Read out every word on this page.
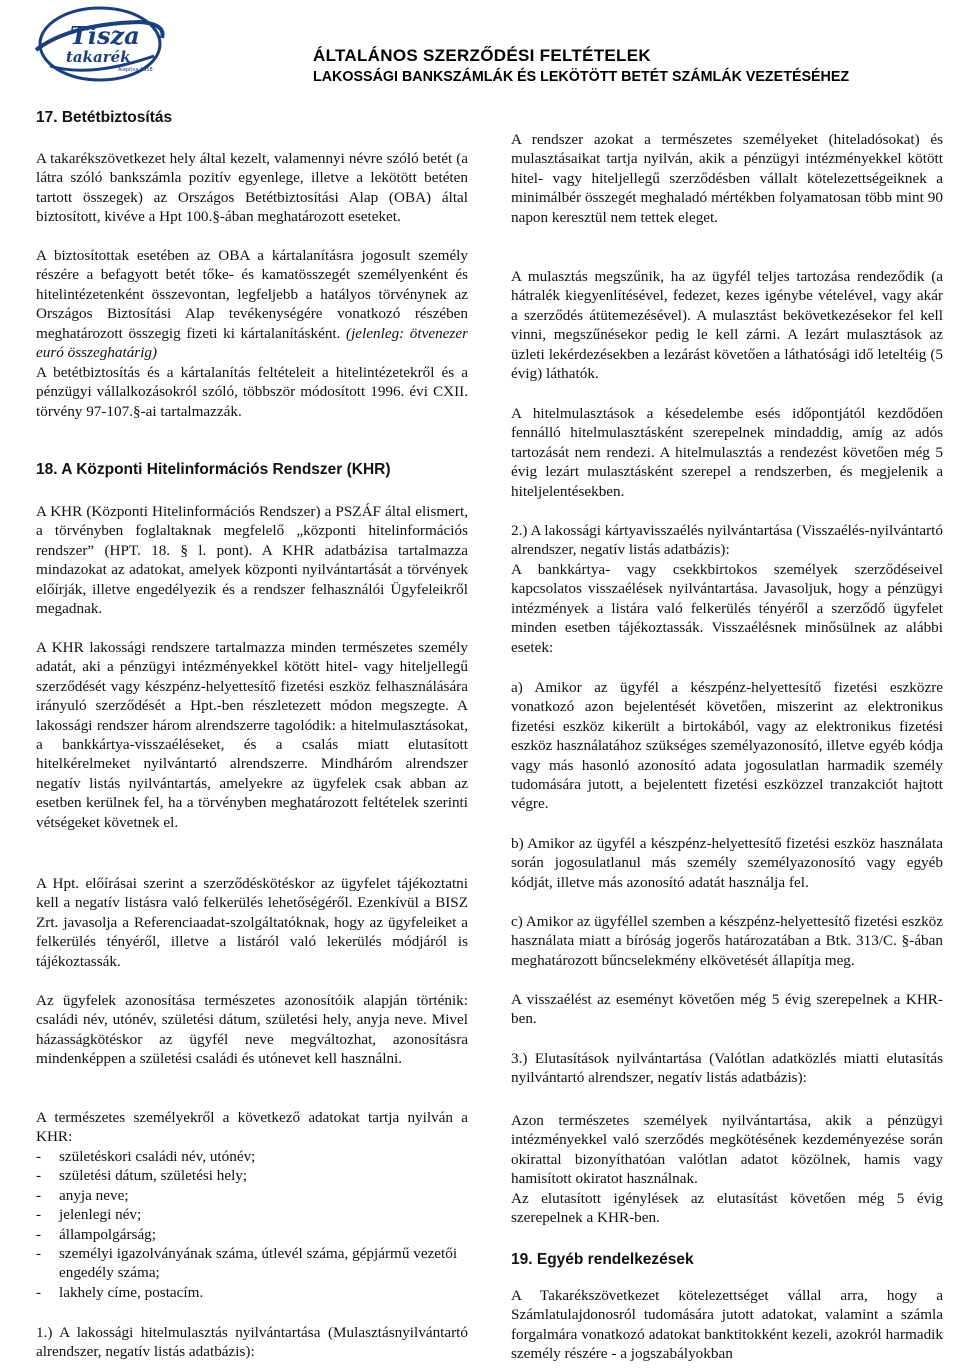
Tisza
takarék
Alapítva 1958
ÁLTALÁNOS SZERZŐDÉSI FELTÉTELEK
LAKOSSÁGI BANKSZÁMLÁK ÉS LEKÖTÖTT BETÉT SZÁMLÁK VEZETÉSÉHEZ
17. Betétbiztosítás

A takarékszövetkezet hely által kezelt, valamennyi névre szóló betét (a látra szóló bankszámla pozitív egyenlege, illetve a lekötött betéten tartott összegek) az Országos Betétbiztosítási Alap (OBA) által biztosított, kivéve a Hpt 100.§-ában meghatározott eseteket.

A biztosítottak esetében az OBA a kártalanításra jogosult személy részére a befagyott betét tőke- és kamatösszegét személyenként és hitelintézetenként összevontan, legfeljebb a hatályos törvénynek az Országos Biztosítási Alap tevékenységére vonatkozó részében meghatározott összegig fizeti ki kártalanításként. (jelenleg: ötvenezer euró összeghatárig)

A betétbiztosítás és a kártalanítás feltételeit a hitelintézetekről és a pénzügyi vállalkozásokról szóló, többször módosított 1996. évi CXII. törvény 97-107.§-ai tartalmazzák.

18. A Központi Hitelinformációs Rendszer (KHR)

A KHR (Központi Hitelinformációs Rendszer) a PSZÁF által elismert, a törvényben foglaltaknak megfelelő „központi hitelinformációs rendszer” (HPT. 18. § l. pont). A KHR adatbázisa tartalmazza mindazokat az adatokat, amelyek központi nyilvántartását a törvények előírják, illetve engedélyezik és a rendszer felhasználói Ügyfeleikről megadnak.

A KHR lakossági rendszere tartalmazza minden természetes személy adatát, aki a pénzügyi intézményekkel kötött hitel- vagy hiteljellegű szerződését vagy készpénz-helyettesítő fizetési eszköz felhasználására irányuló szerződését a Hpt.-ben részletezett módon megszegte. A lakossági rendszer három alrendszerre tagolódik: a hitelmulasztásokat, a bankkártya-visszaéléseket, és a csalás miatt elutasított hitelkérelmeket nyilvántartó alrendszerre. Mindháróm alrendszer negatív listás nyilvántartás, amelyekre az ügyfelek csak abban az esetben kerülnek fel, ha a törvényben meghatározott feltételek szerinti vétségeket követnek el.

A Hpt. előírásai szerint a szerződéskötéskor az ügyfelet tájékoztatni kell a negatív listásra való felkerülés lehetőségéről. Ezenkívül a BISZ Zrt. javasolja a Referenciaadat-szolgáltatóknak, hogy az ügyfeleiket a felkerülés tényéről, illetve a listáról való lekerülés módjáról is tájékoztassák.

Az ügyfelek azonosítása természetes azonosítóik alapján történik: családi név, utónév, születési dátum, születési hely, anyja neve. Mivel házasságkötéskor az ügyfél neve megváltozhat, azonosításra mindenképpen a születési családi és utónevet kell használni.

A természetes személyekről a következő adatokat tartja nyilván a KHR:

- születéskori családi név, utónév;
- születési dátum, születési hely;
- anyja neve;
- jelenlegi név;
- állampolgárság;
- személyi igazolványának száma, útlevél száma, gépjármű vezetői engedély száma;
- lakhely címe, postacím.

1.) A lakossági hitelmulasztás nyilvántartása (Mulasztásnyilvántartó alrendszer, negatív listás adatbázis):

A rendszer azokat a természetes személyeket (hiteladósokat) és mulasztásaikat tartja nyilván, akik a pénzügyi intézményekkel kötött hitel- vagy hiteljellegű szerződésben vállalt kötelezettségeiknek a minimálbér összegét meghaladó mértékben folyamatosan több mint 90 napon keresztül nem tettek eleget.

A mulasztás megszűnik, ha az ügyfél teljes tartozása rendeződik (a hátralék kiegyenlítésével, fedezet, kezes igénybe vételével, vagy akár a szerződés átütemezésével). A mulasztást bekövetkezésekor fel kell vinni, megszűnésekor pedig le kell zárni. A lezárt mulasztások az üzleti lekérdezésekben a lezárást követően a láthatósági idő leteltéig (5 évig) láthatók.

A hitelmulasztások a késedelembe esés időpontjától kezdődően fennálló hitelmulasztásként szerepelnek mindaddig, amíg az adós tartozását nem rendezi. A hitelmulasztás a rendezést követően még 5 évig lezárt mulasztásként szerepel a rendszerben, és megjelenik a hiteljelentésekben.

2.) A lakossági kártyavisszaélés nyilvántartása (Visszaélés-nyilvántartó alrendszer, negatív listás adatbázis):

A bankkártya- vagy csekkbirtokos személyek szerződéseivel kapcsolatos visszaélések nyilvántartása. Javasoljuk, hogy a pénzügyi intézmények a listára való felkerülés tényéről a szerződő ügyfelet minden esetben tájékoztassák. Visszaélésnek minősülnek az alábbi esetek:

a) Amikor az ügyfél a készpénz-helyettesítő fizetési eszközre vonatkozó azon bejelentését követően, miszerint az elektronikus fizetési eszköz kikerült a birtokából, vagy az elektronikus fizetési eszköz használatához szükséges személyazonosító, illetve egyéb kódja vagy más hasonló azonosító adata jogosulatlan harmadik személy tudomására jutott, a bejelentett fizetési eszközzel tranzakciót hajtott végre.

b) Amikor az ügyfél a készpénz-helyettesítő fizetési eszköz használata során jogosulatlanul más személy személyazonosító vagy egyéb kódját, illetve más azonosító adatát használja fel.

c) Amikor az ügyféllel szemben a készpénz-helyettesítő fizetési eszköz használata miatt a bíróság jogerős határozatában a Btk. 313/C. §-ában meghatározott bűncselekmény elkövetését állapítja meg.

A visszaélést az eseményt követően még 5 évig szerepelnek a KHR-ben.

3.) Elutasítások nyilvántartása (Valótlan adatközlés miatti elutasítás nyilvántartó alrendszer, negatív listás adatbázis):

Azon természetes személyek nyilvántartása, akik a pénzügyi intézményekkel való szerződés megkötésének kezdeményezése során okirattal bizonyíthatóan valótlan adatot közölnek, hamis vagy hamisított okiratot használnak.

Az elutasított igénylések az elutasítást követően még 5 évig szerepelnek a KHR-ben.

19. Egyéb rendelkezések

A Takarékszövetkezet kötelezettséget vállal arra, hogy a Számlatulajdonosról tudomására jutott adatokat, valamint a számla forgalmára vonatkozó adatokat banktitokként kezeli, azokról harmadik személy részére - a jogszabályokban
